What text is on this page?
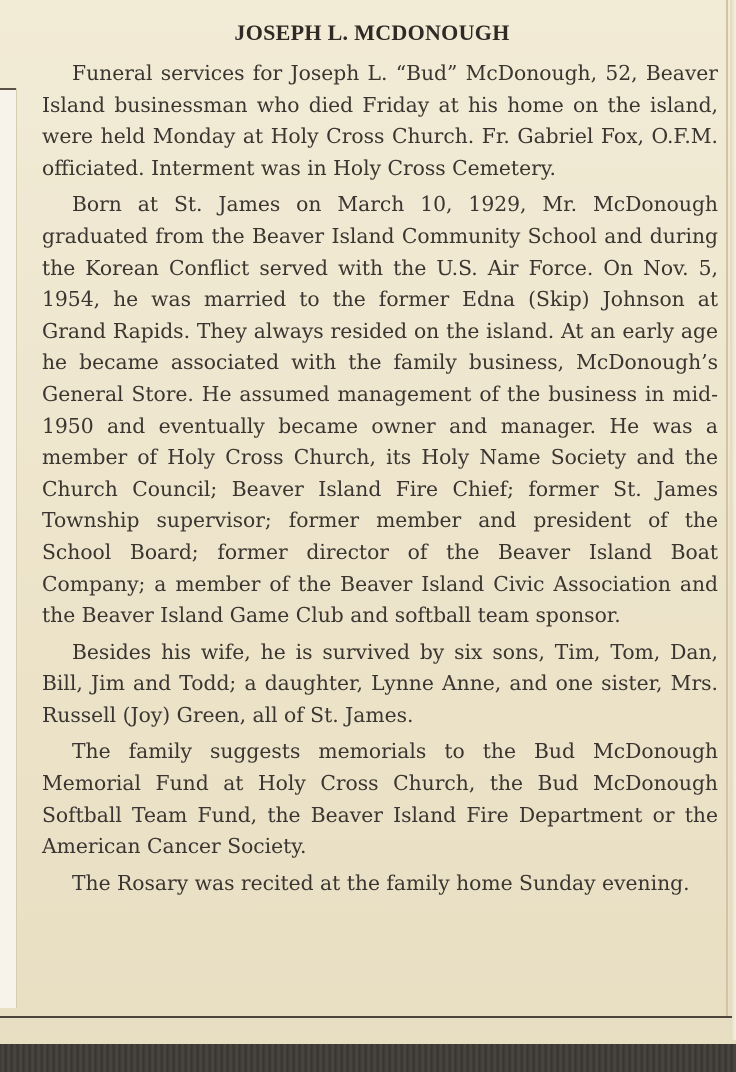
JOSEPH L. MCDONOUGH

Funeral services for Joseph L. “Bud” McDonough, 52, Beaver Island businessman who died Friday at his home on the island, were held Monday at Holy Cross Church. Fr. Gabriel Fox, O.F.M. officiated. Interment was in Holy Cross Cemetery.

Born at St. James on March 10, 1929, Mr. McDonough graduated from the Beaver Island Community School and during the Korean Conflict served with the U.S. Air Force. On Nov. 5, 1954, he was married to the former Edna (Skip) Johnson at Grand Rapids. They always resided on the island. At an early age he became associated with the family business, McDonough’s General Store. He assumed management of the business in mid-1950 and eventually became owner and manager. He was a member of Holy Cross Church, its Holy Name Society and the Church Council; Beaver Island Fire Chief; former St. James Township supervisor; former member and president of the School Board; former director of the Beaver Island Boat Company; a member of the Beaver Island Civic Association and the Beaver Island Game Club and softball team sponsor.

Besides his wife, he is survived by six sons, Tim, Tom, Dan, Bill, Jim and Todd; a daughter, Lynne Anne, and one sister, Mrs. Russell (Joy) Green, all of St. James.

The family suggests memorials to the Bud McDonough Memorial Fund at Holy Cross Church, the Bud McDonough Softball Team Fund, the Beaver Island Fire Department or the American Cancer Society.

The Rosary was recited at the family home Sunday evening.
